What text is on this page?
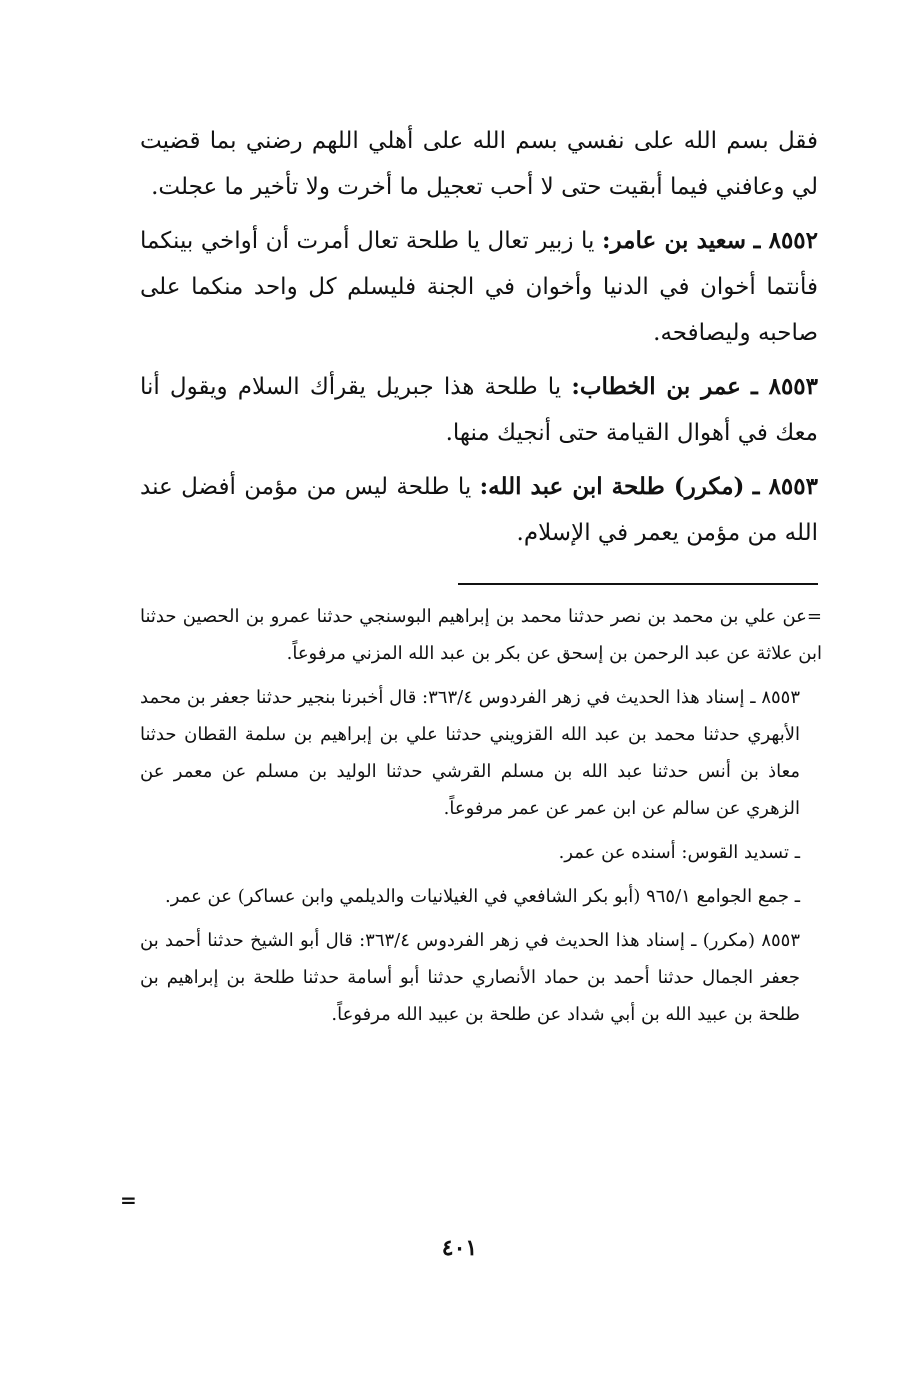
فقل بسم الله على نفسي بسم الله على أهلي اللهم رضني بما قضيت لي وعافني فيما أبقيت حتى لا أحب تعجيل ما أخرت ولا تأخير ما عجلت.

٨٥٥٢ ـ سعيد بن عامر: يا زبير تعال يا طلحة تعال أمرت أن أواخي بينكما فأنتما أخوان في الدنيا وأخوان في الجنة فليسلم كل واحد منكما على صاحبه وليصافحه.

٨٥٥٣ ـ عمر بن الخطاب: يا طلحة هذا جبريل يقرأك السلام ويقول أنا معك في أهوال القيامة حتى أنجيك منها.

٨٥٥٣ ـ (مكرر) طلحة ابن عبد الله: يا طلحة ليس من مؤمن أفضل عند الله من مؤمن يعمر في الإسلام.

=عن علي بن محمد بن نصر حدثنا محمد بن إبراهيم البوسنجي حدثنا عمرو بن الحصين حدثنا ابن علاثة عن عبد الرحمن بن إسحق عن بكر بن عبد الله المزني مرفوعاً.

٨٥٥٣ ـ إسناد هذا الحديث في زهر الفردوس ٣٦٣/٤: قال أخبرنا بنجير حدثنا جعفر بن محمد الأبهري حدثنا محمد بن عبد الله القزويني حدثنا علي بن إبراهيم بن سلمة القطان حدثنا معاذ بن أنس حدثنا عبد الله بن مسلم القرشي حدثنا الوليد بن مسلم عن معمر عن الزهري عن سالم عن ابن عمر عن عمر مرفوعاً.

ـ تسديد القوس: أسنده عن عمر.

ـ جمع الجوامع ٩٦٥/١ (أبو بكر الشافعي في الغيلانيات والديلمي وابن عساكر) عن عمر.

٨٥٥٣ (مكرر) ـ إسناد هذا الحديث في زهر الفردوس ٣٦٣/٤: قال أبو الشيخ حدثنا أحمد بن جعفر الجمال حدثنا أحمد بن حماد الأنصاري حدثنا أبو أسامة حدثنا طلحة بن إبراهيم بن طلحة بن عبيد الله بن أبي شداد عن طلحة بن عبيد الله مرفوعاً.

=
٤٠١
